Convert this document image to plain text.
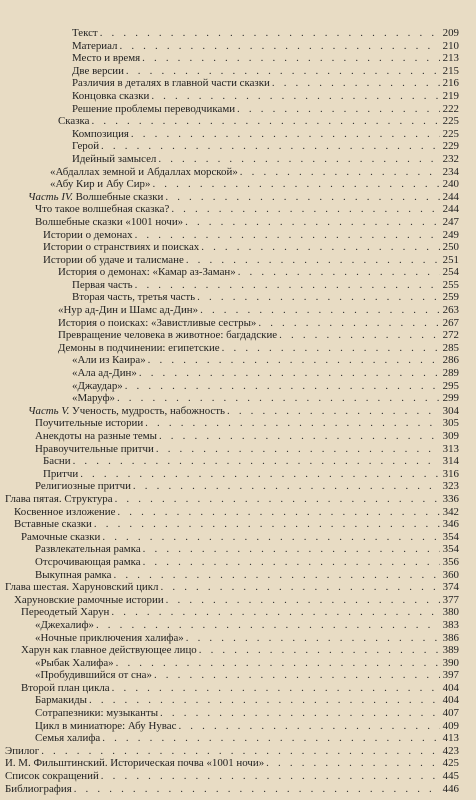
Текст . . .	209
Материал . . .	210
Место и время . . .	213
Две версии . . .	215
Различия в деталях в главной части сказки . . .	216
Концовка сказки . . .	219
Решение проблемы переводчиками . . .	222
Сказка . . .	225
Композиция . . .	225
Герой . . .	229
Идейный замысел . . .	232
«Абдаллах земной и Абдаллах морской» . . .	234
«Абу Кир и Абу Сир» . . .	240
Часть IV. Волшебные сказки . . .	244
Что такое волшебная сказка? . . .	244
Волшебные сказки «1001 ночи» . . .	247
Истории о демонах . . .	249
Истории о странствиях и поисках . . .	250
Истории об удаче и талисмане . . .	251
История о демонах: «Камар аз-Заман» . . .	254
Первая часть . . .	255
Вторая часть, третья часть . . .	259
«Нур ад-Дин и Шамс ад-Дин» . . .	263
История о поисках: «Завистливые сестры» . . .	267
Превращение человека в животное: багдадские . . .	272
Демоны в подчинении: египетские . . .	285
«Али из Каира» . . .	286
«Ала ад-Дин» . . .	289
«Джаудар» . . .	295
«Маруф» . . .	299
Часть V. Ученость, мудрость, набожность . . .	304
Поучительные истории . . .	305
Анекдоты на разные темы . . .	309
Нравоучительные притчи . . .	313
Басни . . .	314
Притчи . . .	316
Религиозные притчи . . .	323
Глава пятая. Структура . . .	336
Косвенное изложение . . .	342
Вставные сказки . . .	346
Рамочные сказки . . .	354
Развлекательная рамка . . .	354
Отсрочивающая рамка . . .	356
Выкупная рамка . . .	360
Глава шестая. Харуновский цикл . . .	374
Харуновские рамочные истории . . .	377
Переодетый Харун . . .	380
«Джехалиф» . . .	383
«Ночные приключения халифа» . . .	386
Харун как главное действующее лицо . . .	389
«Рыбак Халифа» . . .	390
«Пробудившийся от сна» . . .	397
Второй план цикла . . .	404
Бармакиды . . .	404
Сотрапезники: музыканты . . .	407
Цикл в миниатюре: Абу Нувас . . .	409
Семья халифа . . .	413
Эпилог . . .	423
И. М. Фильштинский. Историческая почва «1001 ночи» . . .	425
Список сокращений . . .	445
Библиография . . .	446
